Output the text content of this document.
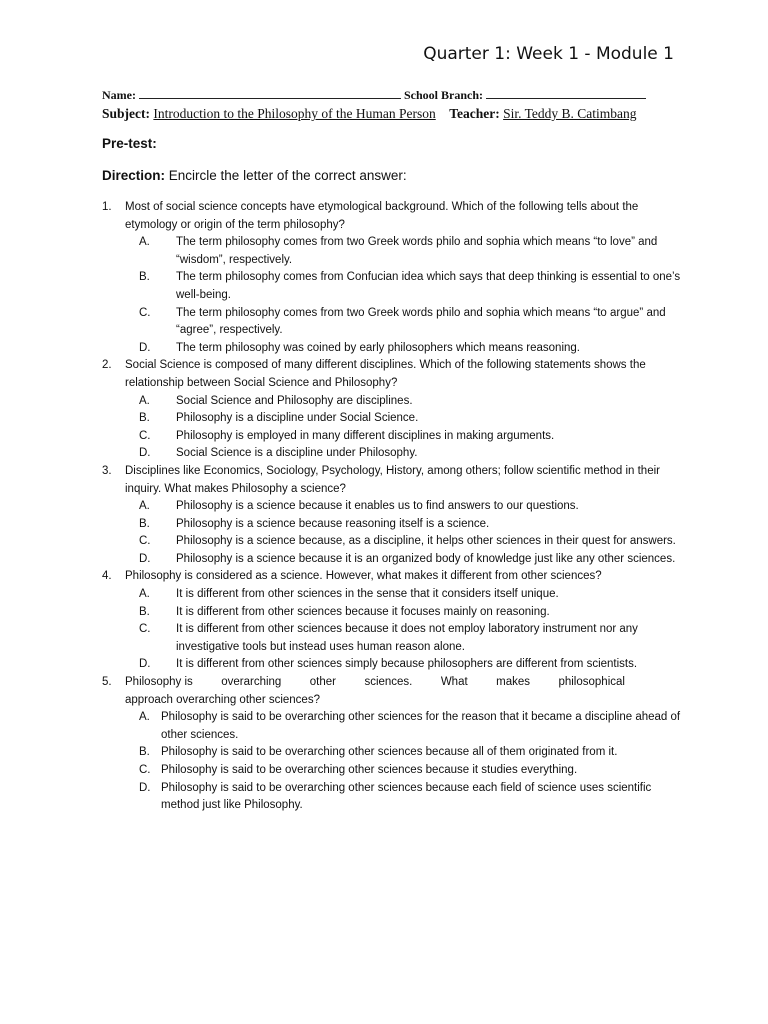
Quarter 1: Week 1 - Module 1
Name:	School Branch:
Subject: Introduction to the Philosophy of the Human Person Teacher: Sir. Teddy B. Catimbang
Pre-test:
Direction: Encircle the letter of the correct answer:
1. Most of social science concepts have etymological background. Which of the following tells about the etymology or origin of the term philosophy?
A. The term philosophy comes from two Greek words philo and sophia which means “to love” and “wisdom”, respectively.
B. The term philosophy comes from Confucian idea which says that deep thinking is essential to one’s well-being.
C. The term philosophy comes from two Greek words philo and sophia which means “to argue” and “agree”, respectively.
D. The term philosophy was coined by early philosophers which means reasoning.
2. Social Science is composed of many different disciplines. Which of the following statements shows the relationship between Social Science and Philosophy?
A. Social Science and Philosophy are disciplines.
B. Philosophy is a discipline under Social Science.
C. Philosophy is employed in many different disciplines in making arguments.
D. Social Science is a discipline under Philosophy.
3. Disciplines like Economics, Sociology, Psychology, History, among others; follow scientific method in their inquiry. What makes Philosophy a science?
A. Philosophy is a science because it enables us to find answers to our questions.
B. Philosophy is a science because reasoning itself is a science.
C. Philosophy is a science because, as a discipline, it helps other sciences in their quest for answers.
D. Philosophy is a science because it is an organized body of knowledge just like any other sciences.
4. Philosophy is considered as a science. However, what makes it different from other sciences?
A. It is different from other sciences in the sense that it considers itself unique.
B. It is different from other sciences because it focuses mainly on reasoning.
C. It is different from other sciences because it does not employ laboratory instrument nor any investigative tools but instead uses human reason alone.
D. It is different from other sciences simply because philosophers are different from scientists.
5. Philosophy is overarching other sciences. What makes philosophical
approach overarching other sciences?
A. Philosophy is said to be overarching other sciences for the reason that it became a discipline ahead of other sciences.
B. Philosophy is said to be overarching other sciences because all of them originated from it.
C. Philosophy is said to be overarching other sciences because it studies everything.
D. Philosophy is said to be overarching other sciences because each field of science uses scientific method just like Philosophy.
